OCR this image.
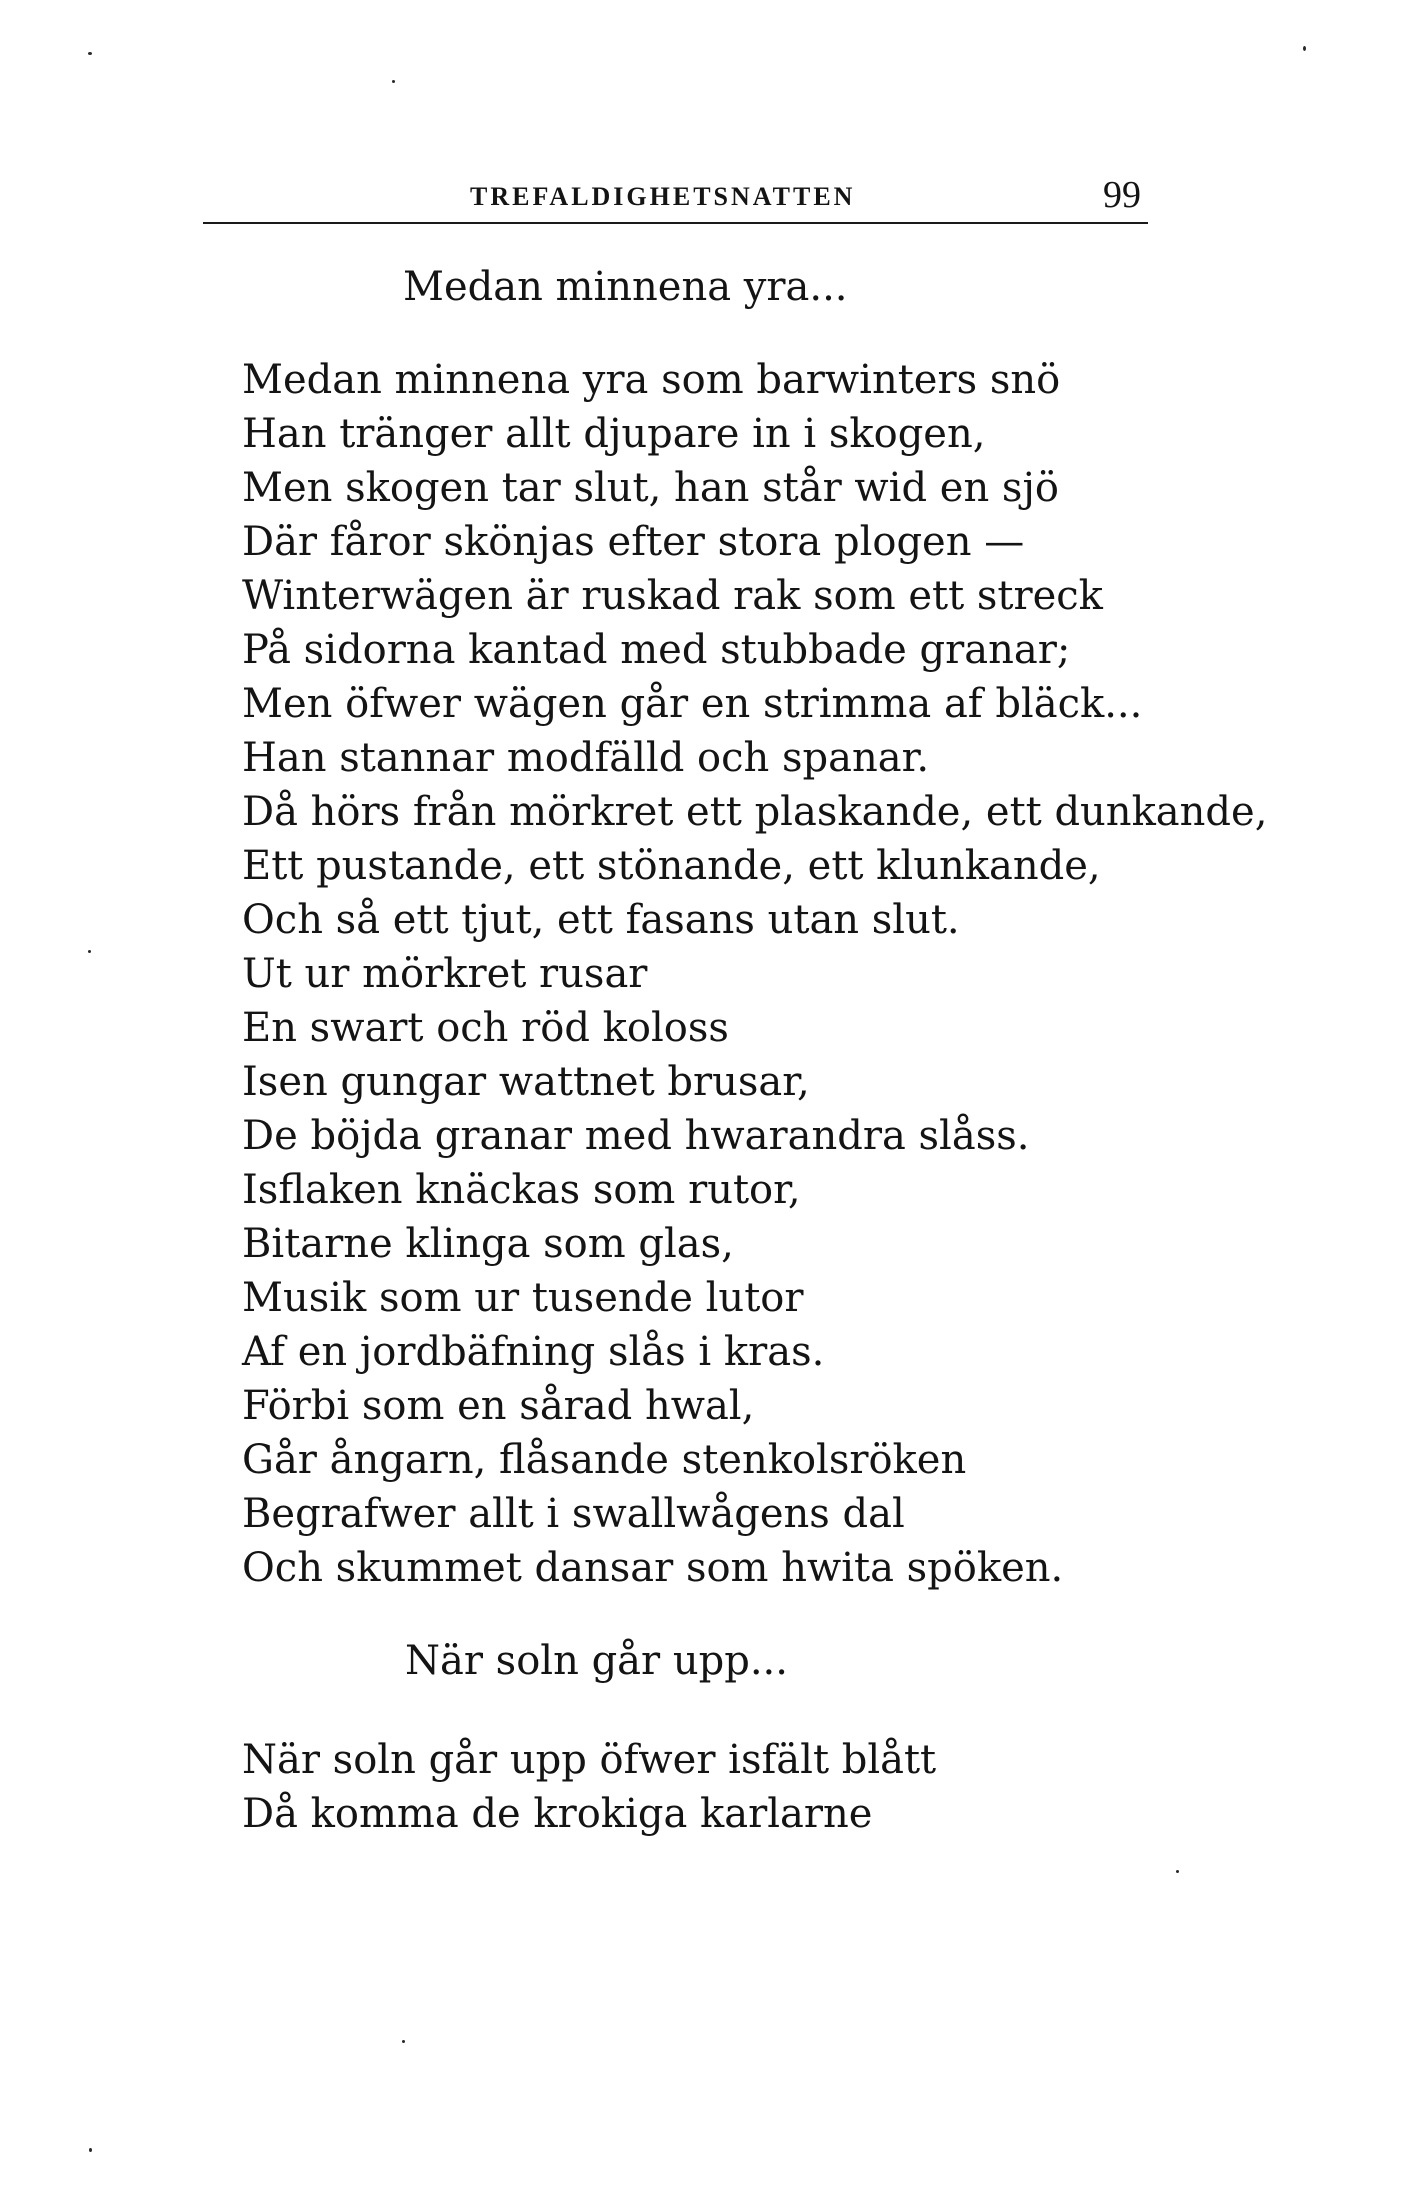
TREFALDIGHETSNATTEN	99
Medan minnena yra...
Medan minnena yra som barwinters snö
Han tränger allt djupare in i skogen,
Men skogen tar slut, han står wid en sjö
Där fåror skönjas efter stora plogen —
Winterwägen är ruskad rak som ett streck
På sidorna kantad med stubbade granar;
Men öfwer wägen går en strimma af bläck...
Han stannar modfälld och spanar.
Då hörs från mörkret ett plaskande, ett dunkande,
Ett pustande, ett stönande, ett klunkande,
Och så ett tjut, ett fasans utan slut.
Ut ur mörkret rusar
En swart och röd koloss
Isen gungar wattnet brusar,
De böjda granar med hwarandra slåss.
Isflaken knäckas som rutor,
Bitarne klinga som glas,
Musik som ur tusende lutor
Af en jordbäfning slås i kras.
Förbi som en sårad hwal,
Går ångarn, flåsande stenkolsröken
Begrafwer allt i swallwågens dal
Och skummet dansar som hwita spöken.
När soln går upp...
När soln går upp öfwer isfält blått
Då komma de krokiga karlarne
